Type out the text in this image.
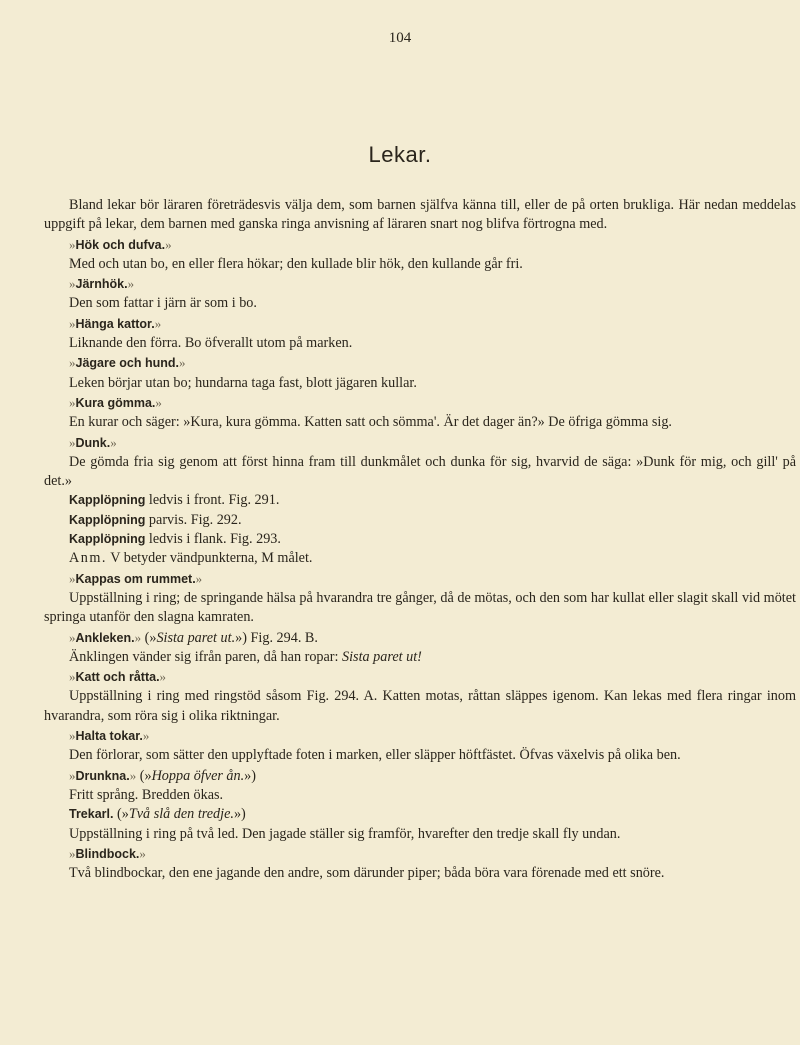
104
Lekar.

Bland lekar bör läraren företrädesvis välja dem, som barnen själfva känna till, eller de på orten brukliga. Här nedan meddelas uppgift på lekar, dem barnen med ganska ringa anvisning af läraren snart nog blifva förtrogna med.

»Hök och dufva.»

Med och utan bo, en eller flera hökar; den kullade blir hök, den kullande går fri.

»Järnhök.»

Den som fattar i järn är som i bo.

»Hänga kattor.»

Liknande den förra. Bo öfverallt utom på marken.

»Jägare och hund.»

Leken börjar utan bo; hundarna taga fast, blott jägaren kullar.

»Kura gömma.»

En kurar och säger: »Kura, kura gömma. Katten satt och sömma'. Är det dager än?» De öfriga gömma sig.

»Dunk.»

De gömda fria sig genom att först hinna fram till dunkmålet och dunka för sig, hvarvid de säga: »Dunk för mig, och gill' på det.»

Kapplöpning ledvis i front. Fig. 291.

Kapplöpning parvis. Fig. 292.

Kapplöpning ledvis i flank. Fig. 293.

Anm. V betyder vändpunkterna, M målet.

»Kappas om rummet.»

Uppställning i ring; de springande hälsa på hvarandra tre gånger, då de mötas, och den som har kullat eller slagit skall vid mötet springa utanför den slagna kamraten.

»Ankleken.» (»Sista paret ut.») Fig. 294. B.

Änklingen vänder sig ifrån paren, då han ropar: Sista paret ut!

»Katt och råtta.»

Uppställning i ring med ringstöd såsom Fig. 294. A. Katten motas, råttan släppes igenom. Kan lekas med flera ringar inom hvarandra, som röra sig i olika riktningar.

»Halta tokar.»

Den förlorar, som sätter den upplyftade foten i marken, eller släpper höftfästet. Öfvas växelvis på olika ben.

»Drunkna.» (»Hoppa öfver ån.»)

Fritt språng. Bredden ökas.

Trekarl. (»Två slå den tredje.»)

Uppställning i ring på två led. Den jagade ställer sig framför, hvarefter den tredje skall fly undan.

»Blindbock.»

Två blindbockar, den ene jagande den andre, som därunder piper; båda böra vara förenade med ett snöre.
